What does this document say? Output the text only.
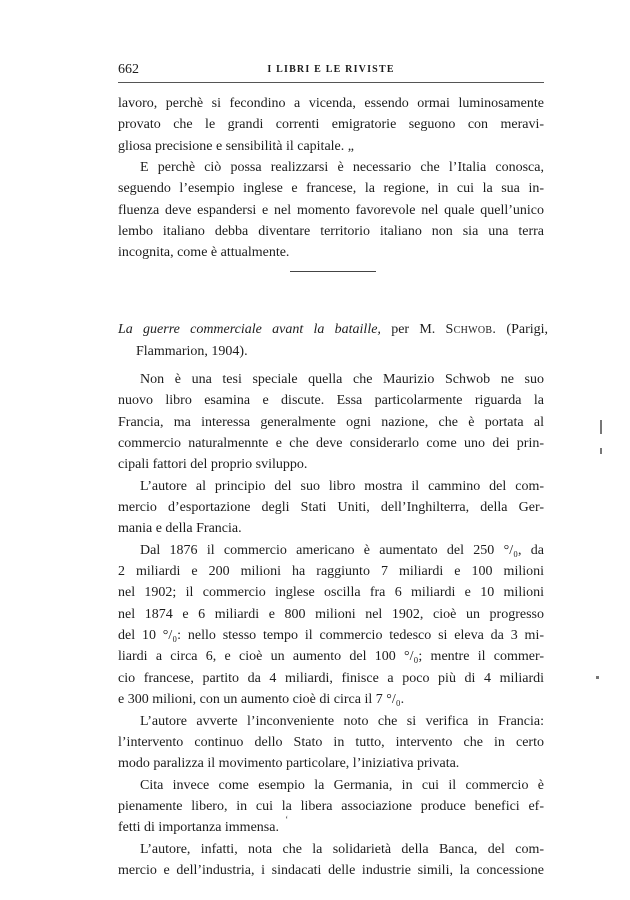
662	I LIBRI E LE RIVISTE
lavoro, perchè si fecondino a vicenda, essendo ormai luminosamente
provato che le grandi correnti emigratorie seguono con meravi-
gliosa precisione e sensibilità il capitale. „
E perchè ciò possa realizzarsi è necessario che l’Italia conosca,
seguendo l’esempio inglese e francese, la regione, in cui la sua in-
fluenza deve espandersi e nel momento favorevole nel quale quell’unico
lembo italiano debba diventare territorio italiano non sia una terra
incognita, come è attualmente.
La guerre commerciale avant la bataille, per M. Schwob. (Parigi,
Flammarion, 1904).
Non è una tesi speciale quella che Maurizio Schwob ne suo
nuovo libro esamina e discute. Essa particolarmente riguarda la
Francia, ma interessa generalmente ogni nazione, che è portata al
commercio naturalmennte e che deve considerarlo come uno dei prin-
cipali fattori del proprio sviluppo.
L’autore al principio del suo libro mostra il cammino del com-
mercio d’esportazione degli Stati Uniti, dell’Inghilterra, della Ger-
mania e della Francia.
Dal 1876 il commercio americano è aumentato del 250 °/₀, da
2 miliardi e 200 milioni ha raggiunto 7 miliardi e 100 milioni
nel 1902; il commercio inglese oscilla fra 6 miliardi e 10 milioni
nel 1874 e 6 miliardi e 800 milioni nel 1902, cioè un progresso
del 10 °/₀: nello stesso tempo il commercio tedesco si eleva da 3 mi-
liardi a circa 6, e cioè un aumento del 100 °/₀; mentre il commer-
cio francese, partito da 4 miliardi, finisce a poco più di 4 miliardi
e 300 milioni, con un aumento cioè di circa il 7 °/₀.
L’autore avverte l’inconveniente noto che si verifica in Francia:
l’intervento continuo dello Stato in tutto, intervento che in certo
modo paralizza il movimento particolare, l’iniziativa privata.
Cita invece come esempio la Germania, in cui il commercio è
pienamente libero, in cui la libera associazione produce benefici ef-
fetti di importanza immensa.
L’autore, infatti, nota che la solidarietà della Banca, del com-
mercio e dell’industria, i sindacati delle industrie simili, la concessione
‘
